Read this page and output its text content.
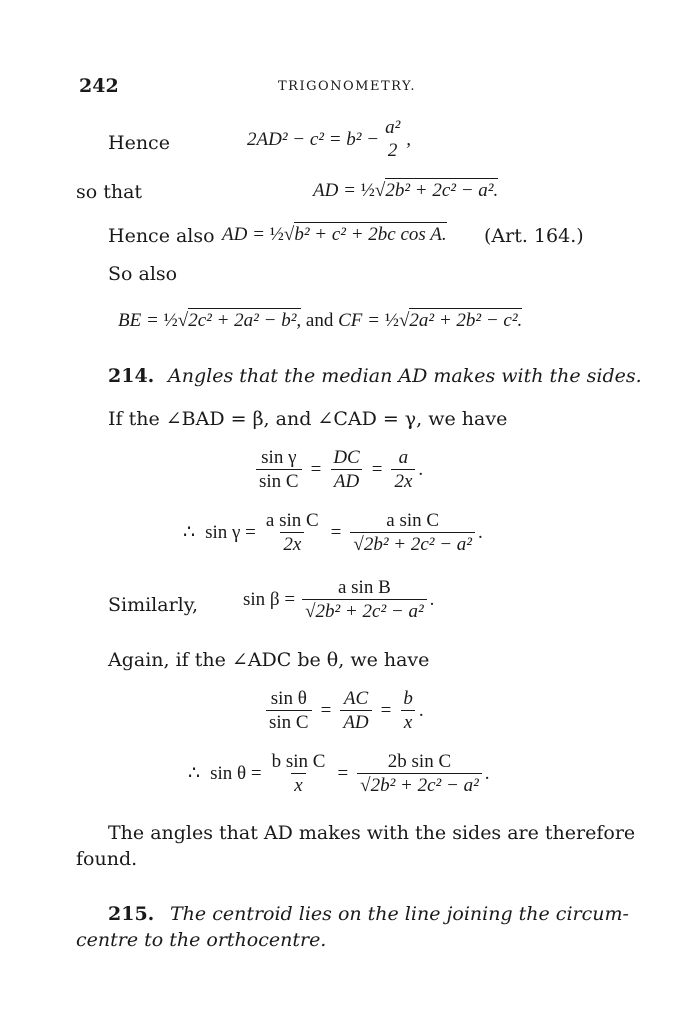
242	TRIGONOMETRY.
Hence	2AD² − c² = b² −
a²
2
,
so that	AD = ½√2b² + 2c² − a².
Hence also AD = ½√b² + c² + 2bc cos A. (Art. 164.)
So also
BE = ½√2c² + 2a² − b², and CF = ½√2a² + 2b² − c².
214. Angles that the median AD makes with the sides.
If the ∠BAD = β, and ∠CAD = γ, we have
$\frac{\text{sin γ}}{\text{sin C}} = \frac{DC}{AD} = \frac{a}{2x}$ .
∴ $\sin \gamma = \frac{\text{a sin C}}{2x} = \frac{\text{a sin C}}{\text{√2b² + 2c² − a²}}$ .
Similarly, $\sin \beta = \frac{\text{a sin B}}{\text{√2b² + 2c² − a²}}$ .
Again, if the ∠ADC be θ, we have
$\frac{\text{sin θ}}{\text{sin C}} = \frac{AC}{AD} = \frac{b}{x}$ .
∴ $\sin \theta = \frac{\text{b sin C}}{x} = \frac{\text{2b sin C}}{\text{√2b² + 2c² − a²}}$ .
The angles that AD makes with the sides are therefore
found.
215. The centroid lies on the line joining the circum-
centre to the orthocentre.
